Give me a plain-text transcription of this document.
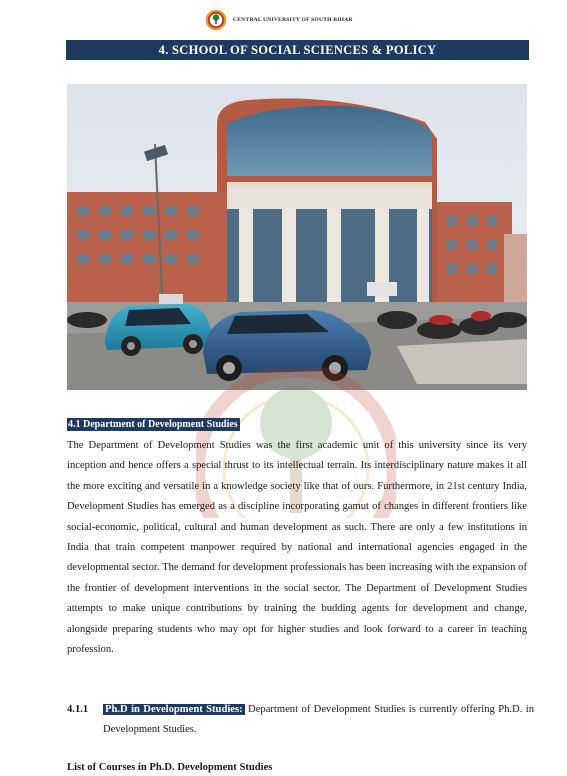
CENTRAL UNIVERSITY OF SOUTH BIHAR
4. SCHOOL OF SOCIAL SCIENCES & POLICY
4.1 Department of Development Studies

The Department of Development Studies was the first academic unit of this university since its very inception and hence offers a special thrust to its intellectual terrain. Its interdisciplinary nature makes it all the more exciting and versatile in a knowledge society like that of ours. Furthermore, in 21st century India, Development Studies has emerged as a discipline incorporating gamut of changes in different frontiers like social-economic, political, cultural and human development as such. There are only a few institutions in India that train competent manpower required by national and international agencies engaged in the developmental sector. The demand for development professionals has been increasing with the expansion of the frontier of development interventions in the social sector. The Department of Development Studies attempts to make unique contributions by training the budding agents for development and change, alongside preparing students who may opt for higher studies and look forward to a career in teaching profession.

4.1.1 Ph.D in Development Studies: Department of Development Studies is currently offering Ph.D. in Development Studies.

List of Courses in Ph.D. Development Studies
